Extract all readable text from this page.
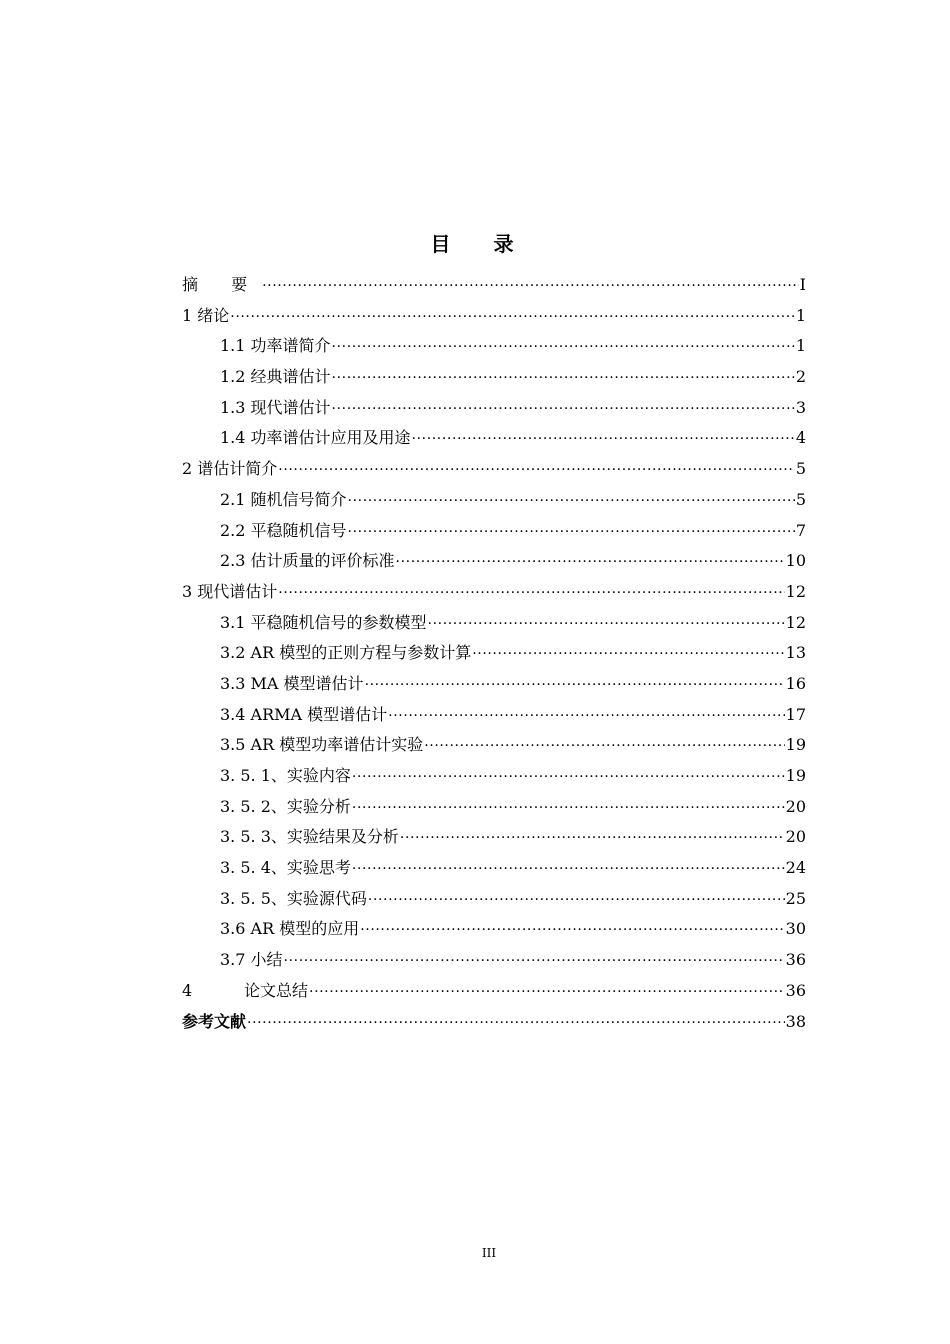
目 录
摘 要 .....	I
1 绪论 .....	1
1.1 功率谱简介 .....	1
1.2 经典谱估计 .....	2
1.3 现代谱估计 .....	3
1.4 功率谱估计应用及用途 .....	4
2 谱估计简介 .....	5
2.1 随机信号简介 .....	5
2.2 平稳随机信号 .....	7
2.3 估计质量的评价标准 .....	10
3 现代谱估计 .....	12
3.1 平稳随机信号的参数模型 .....	12
3.2 AR 模型的正则方程与参数计算 .....	13
3.3 MA 模型谱估计 .....	16
3.4 ARMA 模型谱估计 .....	17
3.5 AR 模型功率谱估计实验 .....	19
3. 5. 1、实验内容 .....	19
3. 5. 2、实验分析 .....	20
3. 5. 3、实验结果及分析 .....	20
3. 5. 4、实验思考 .....	24
3. 5. 5、实验源代码 .....	25
3.6 AR 模型的应用 .....	30
3.7 小结 .....	36
4	论文总结 .....	36
参考文献 .....	38
III
